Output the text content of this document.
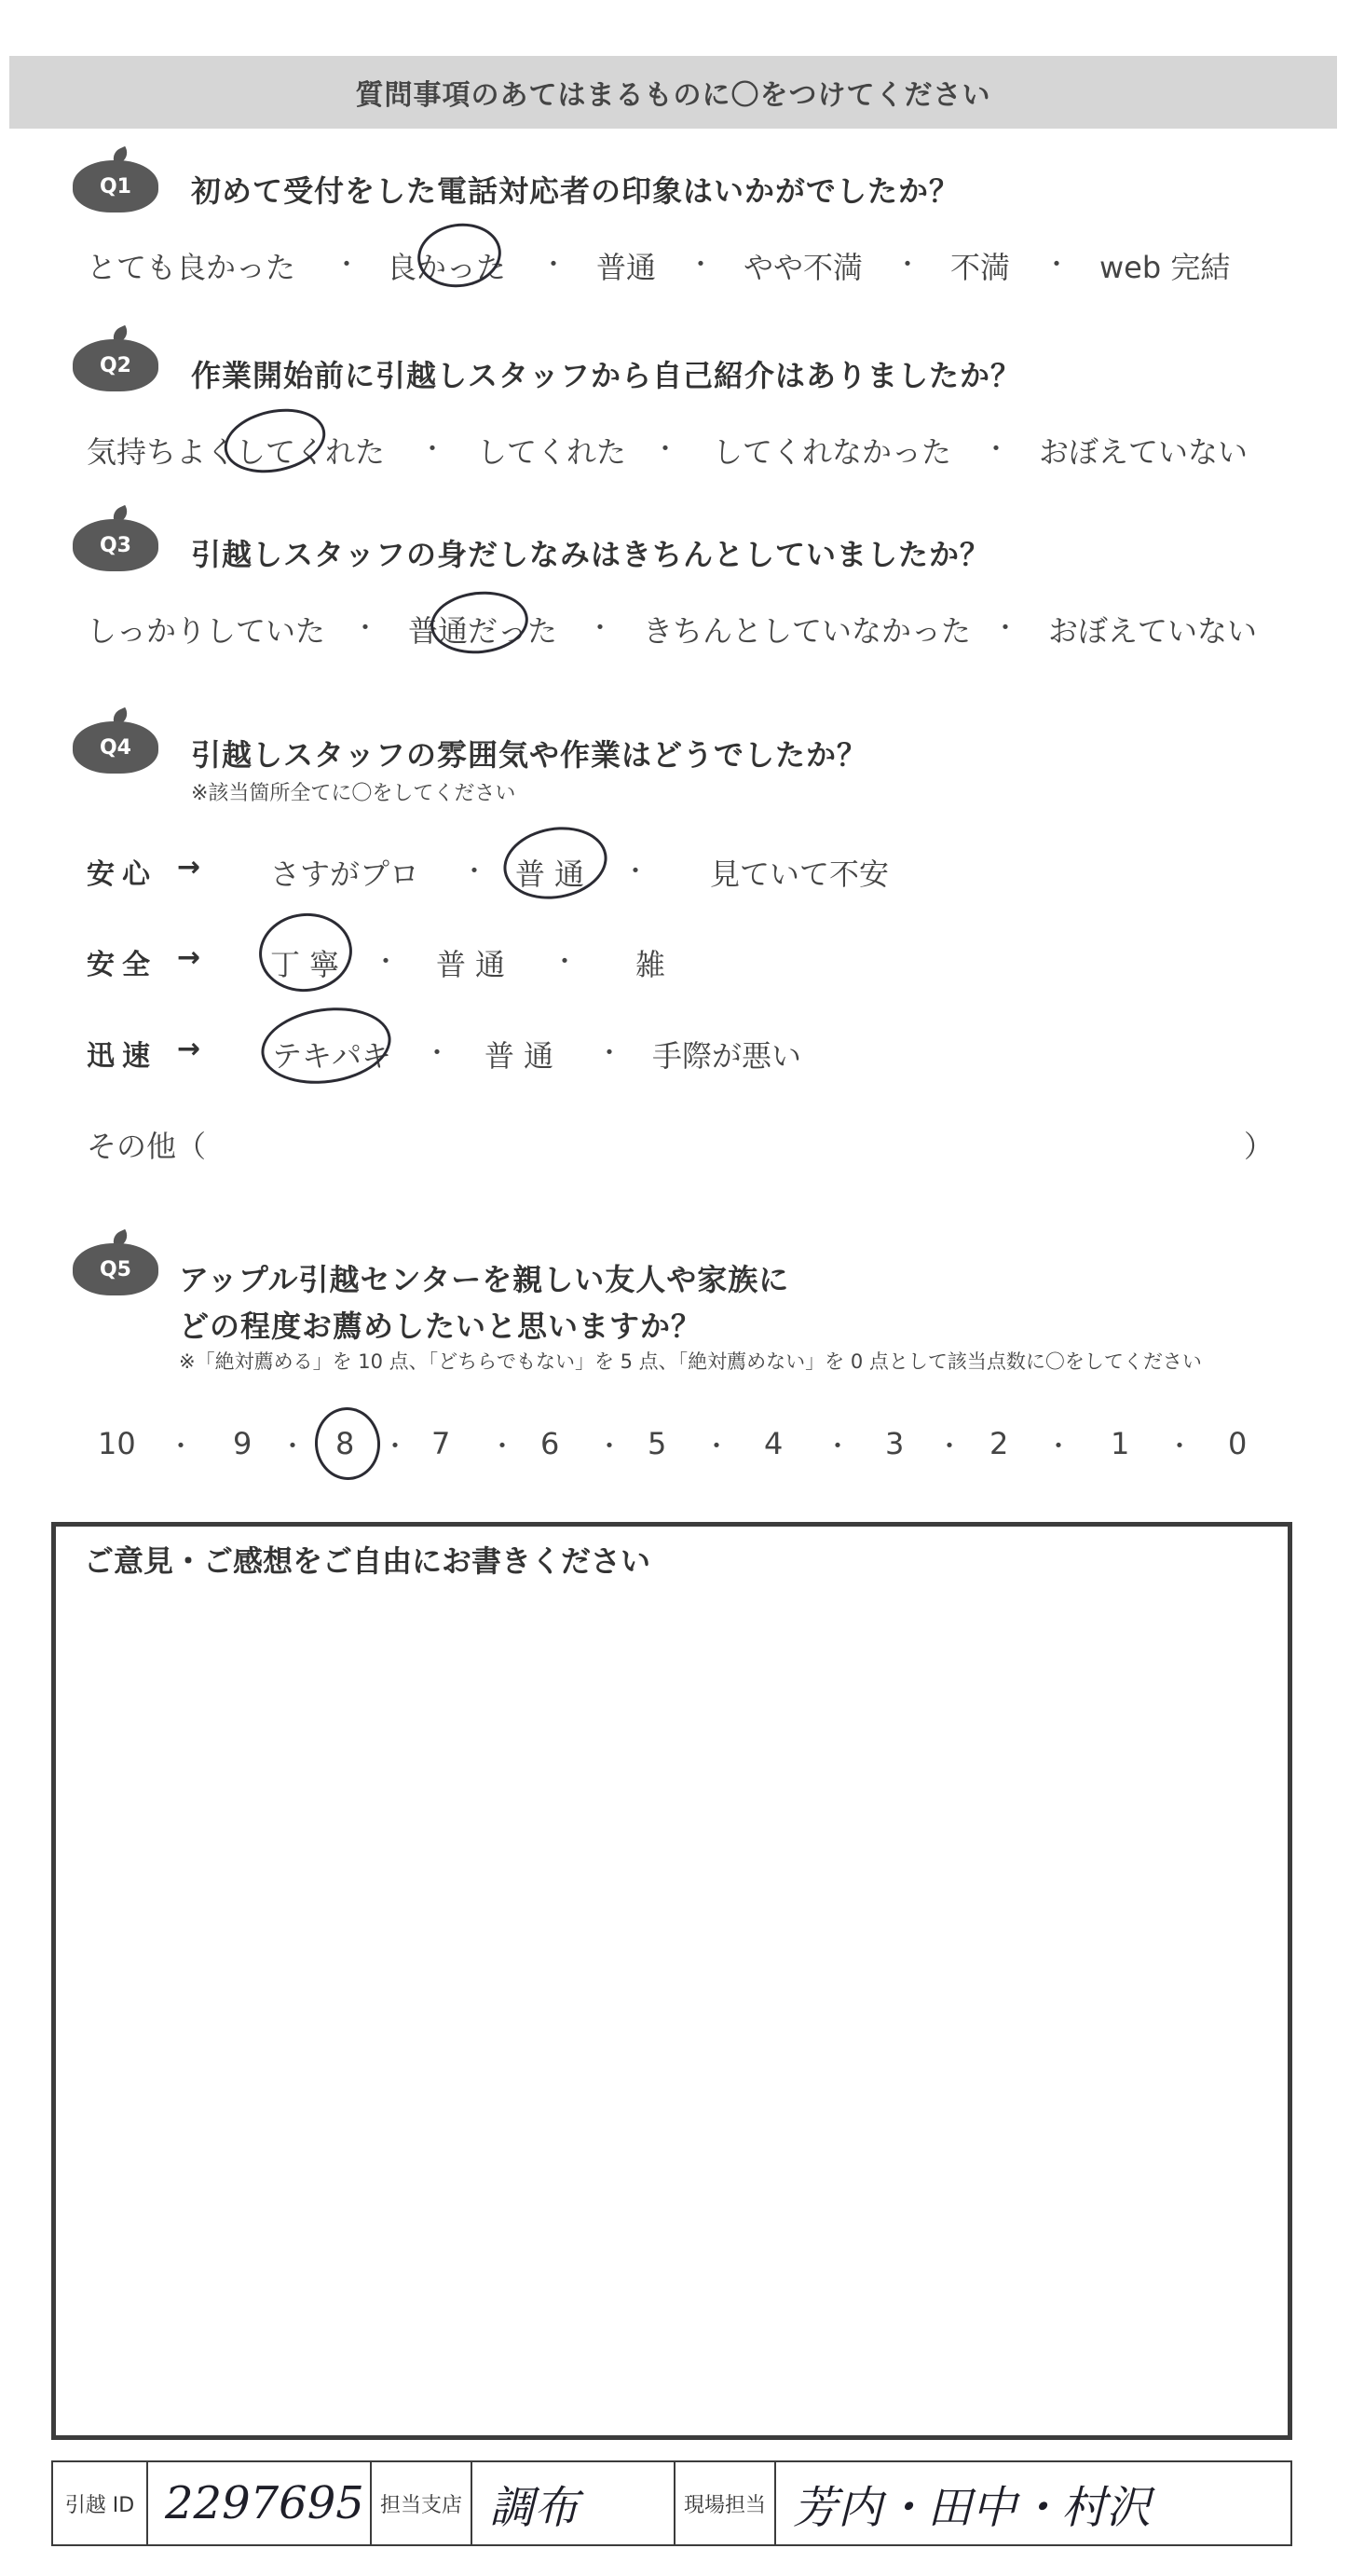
質問事項のあてはまるものに〇をつけてください
Q1 初めて受付をした電話対応者の印象はいかがでしたか？
とても良かった ・ 良かった ・ 普通 ・ やや不満 ・ 不満 ・ web 完結
Q2 作業開始前に引越しスタッフから自己紹介はありましたか？
気持ちよくしてくれた ・ してくれた ・ してくれなかった ・ おぼえていない
Q3 引越しスタッフの身だしなみはきちんとしていましたか？
しっかりしていた ・ 普通だった ・ きちんとしていなかった ・ おぼえていない
Q4 引越しスタッフの雰囲気や作業はどうでしたか？
※該当箇所全てに〇をしてください
安心 → さすがプロ ・ 普通 ・ 見ていて不安
安全 → 丁寧 ・ 普通 ・ 雑
迅速 → テキパキ ・ 普通 ・ 手際が悪い
その他（	）
Q5 アップル引越センターを親しい友人や家族に
どの程度お薦めしたいと思いますか？
※「絶対薦める」を 10 点、「どちらでもない」を 5 点、「絶対薦めない」を 0 点として該当点数に〇をしてください
10 ・ 9 ・ 8 ・ 7 ・ 6 ・ 5 ・ 4 ・ 3 ・ 2 ・ 1 ・ 0
ご意見・ご感想をご自由にお書きください
引越 ID 2297695 担当支店 調布	現場担当 芳内・田中・村沢
